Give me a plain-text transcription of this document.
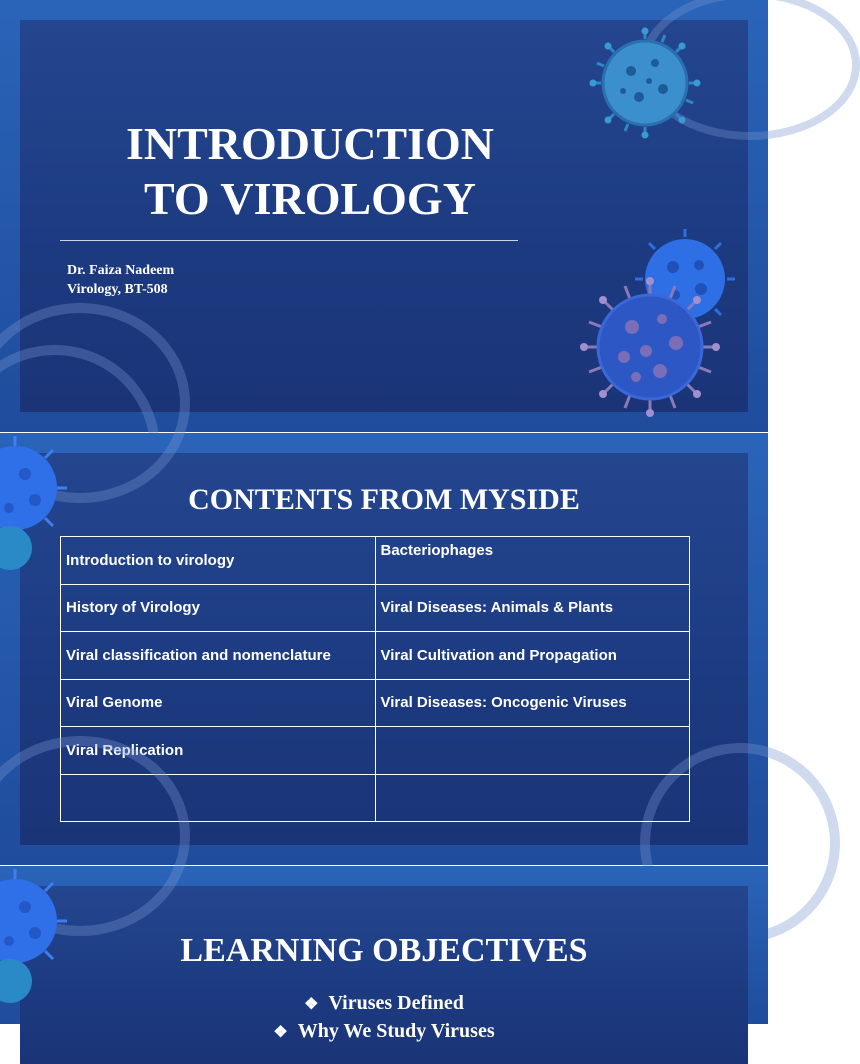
INTRODUCTION
TO VIROLOGY
Dr. Faiza Nadeem
Virology, BT-508
CONTENTS FROM MYSIDE
Introduction to virology	Bacteriophages
History of Virology	Viral Diseases: Animals & Plants
Viral classification and nomenclature	Viral Cultivation and Propagation
Viral Genome	Viral Diseases: Oncogenic Viruses
Viral Replication	

LEARNING OBJECTIVES
❖ Viruses Defined
❖ Why We Study Viruses
